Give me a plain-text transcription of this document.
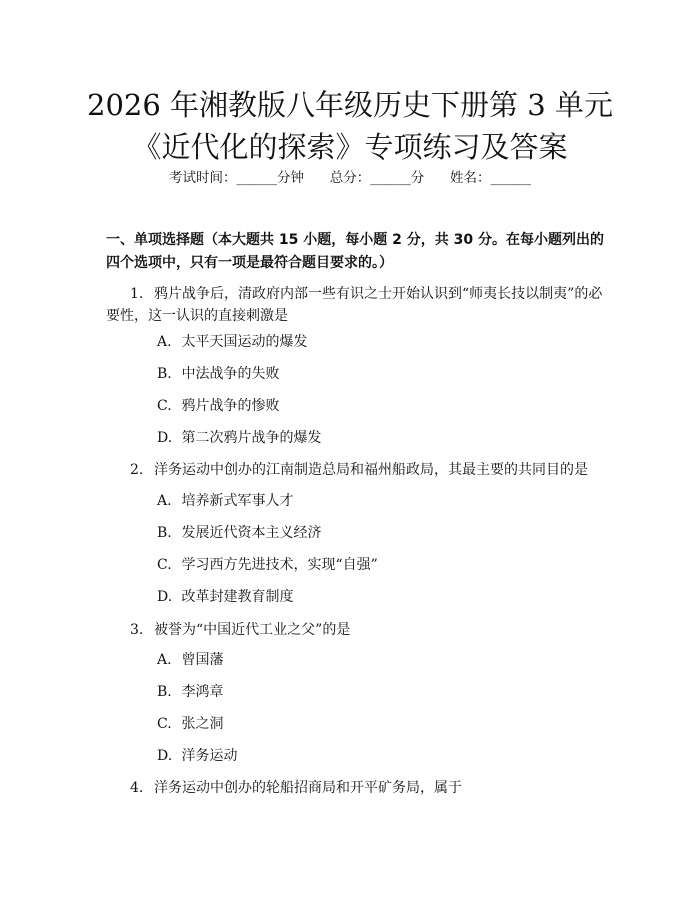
2026 年湘教版八年级历史下册第 3 单元《近代化的探索》专项练习及答案
考试时间：______分钟      总分：______分      姓名：______
一、单项选择题（本大题共 15 小题，每小题 2 分，共 30 分。在每小题列出的四个选项中，只有一项是最符合题目要求的。）
1. 鸦片战争后，清政府内部一些有识之士开始认识到“师夷长技以制夷”的必要性，这一认识的直接刺激是
A. 太平天国运动的爆发
B. 中法战争的失败
C. 鸦片战争的惨败
D. 第二次鸦片战争的爆发
2. 洋务运动中创办的江南制造总局和福州船政局，其最主要的共同目的是
A. 培养新式军事人才
B. 发展近代资本主义经济
C. 学习西方先进技术，实现“自强”
D. 改革封建教育制度
3. 被誉为“中国近代工业之父”的是
A. 曾国藩
B. 李鸿章
C. 张之洞
D. 洋务运动
4. 洋务运动中创办的轮船招商局和开平矿务局，属于
